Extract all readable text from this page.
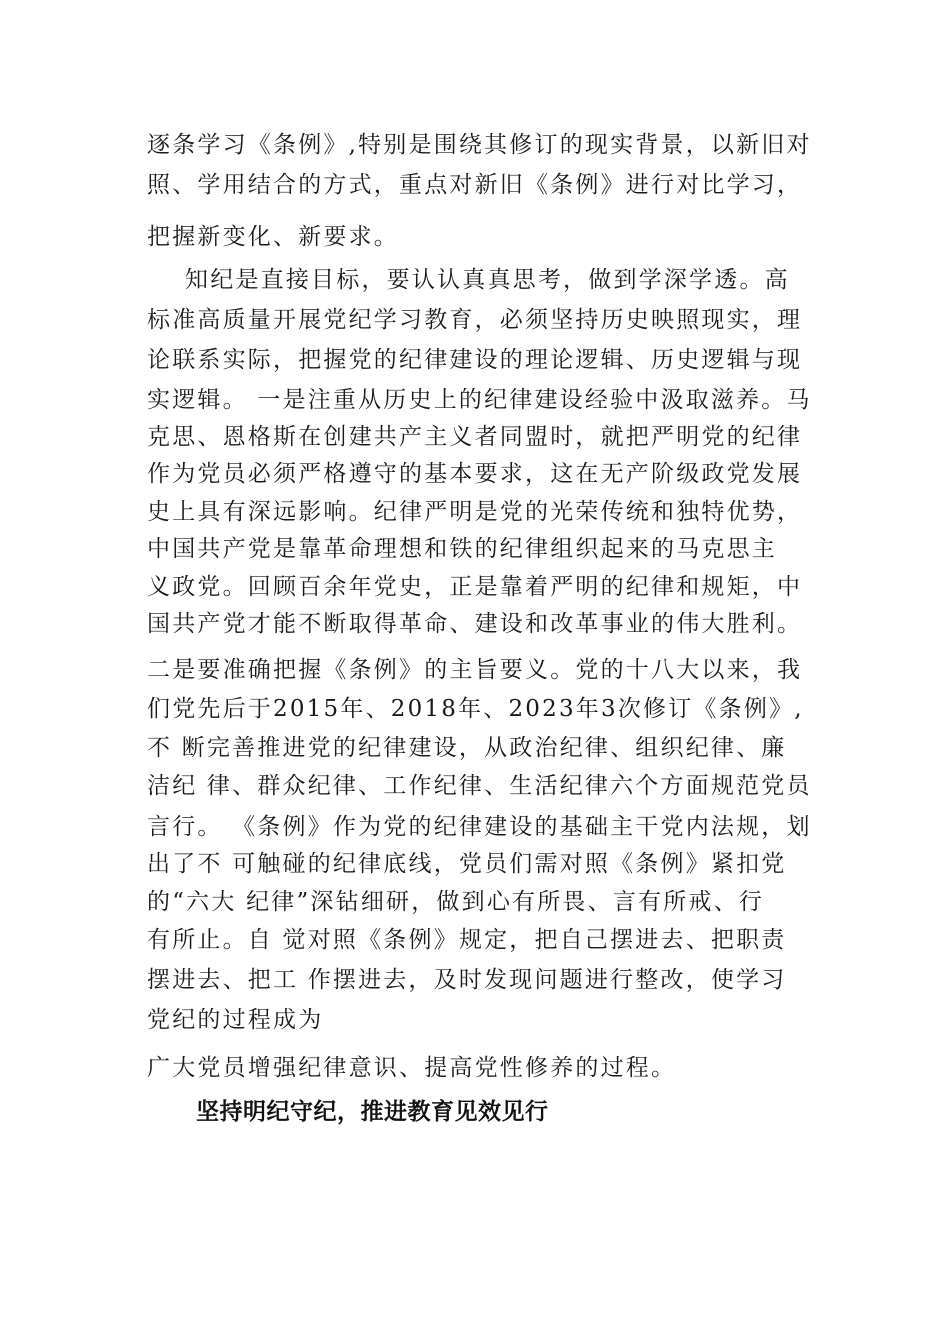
逐条学习《条例》,特别是围绕其修订的现实背景，以新旧对
照、学用结合的方式，重点对新旧《条例》进行对比学习，
把握新变化、新要求。
知纪是直接目标，要认认真真思考，做到学深学透。高
标准高质量开展党纪学习教育，必须坚持历史映照现实，理
论联系实际，把握党的纪律建设的理论逻辑、历史逻辑与现
实逻辑。 一是注重从历史上的纪律建设经验中汲取滋养。马
克思、恩格斯在创建共产主义者同盟时，就把严明党的纪律
作为党员必须严格遵守的基本要求，这在无产阶级政党发展
史上具有深远影响。纪律严明是党的光荣传统和独特优势，
中国共产党是靠革命理想和铁的纪律组织起来的马克思主
义政党。回顾百余年党史，正是靠着严明的纪律和规矩，中
国共产党才能不断取得革命、建设和改革事业的伟大胜利。
二是要准确把握《条例》的主旨要义。党的十八大以来，我
们党先后于2015年、2018年、2023年3次修订《条例》,
不 断完善推进党的纪律建设，从政治纪律、组织纪律、廉
洁纪 律、群众纪律、工作纪律、生活纪律六个方面规范党员
言行。 《条例》作为党的纪律建设的基础主干党内法规，划
出了不 可触碰的纪律底线，党员们需对照《条例》紧扣党
的“六大 纪律”深钻细研，做到心有所畏、言有所戒、行
有所止。自 觉对照《条例》规定，把自己摆进去、把职责
摆进去、把工 作摆进去，及时发现问题进行整改，使学习
党纪的过程成为
广大党员增强纪律意识、提高党性修养的过程。
坚持明纪守纪，推进教育见效见行
